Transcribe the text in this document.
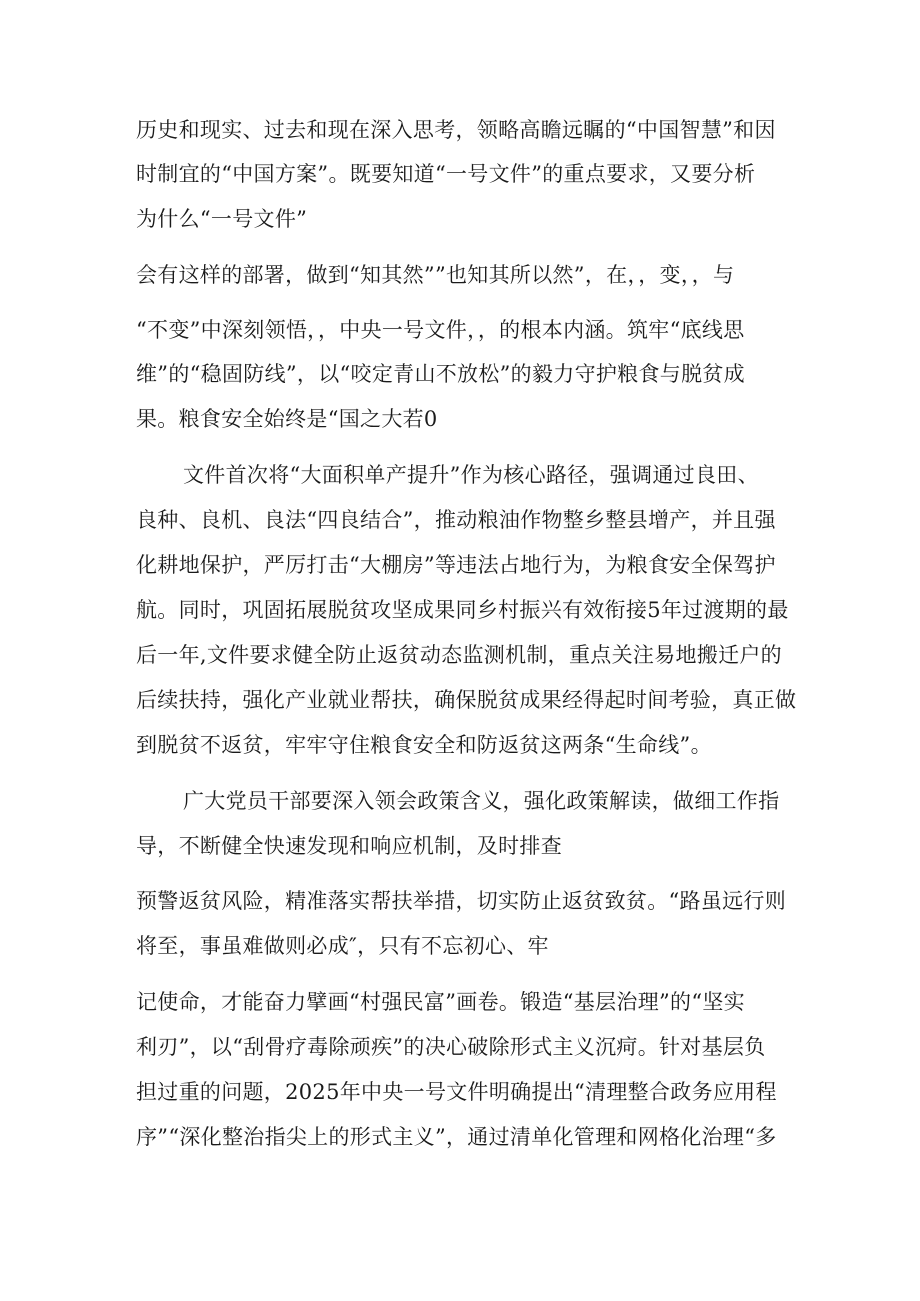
历史和现实、过去和现在深入思考，领略高瞻远瞩的“中国智慧”和因
时制宜的“中国方案”。既要知道“一号文件”的重点要求，又要分析
为什么“一号文件”
会有这样的部署，做到“知其然””也知其所以然”，在，，变，，与
“不变”中深刻领悟，，中央一号文件，，的根本内涵。筑牢“底线思
维”的“稳固防线”，以“咬定青山不放松”的毅力守护粮食与脱贫成
果。粮食安全始终是“国之大若0
文件首次将“大面积单产提升”作为核心路径，强调通过良田、
良种、良机、良法“四良结合”，推动粮油作物整乡整县增产，并且强
化耕地保护，严厉打击“大棚房”等违法占地行为，为粮食安全保驾护
航。同时，巩固拓展脱贫攻坚成果同乡村振兴有效衔接5年过渡期的最
后一年,文件要求健全防止返贫动态监测机制，重点关注易地搬迁户的
后续扶持，强化产业就业帮扶，确保脱贫成果经得起时间考验，真正做
到脱贫不返贫，牢牢守住粮食安全和防返贫这两条“生命线”。
广大党员干部要深入领会政策含义，强化政策解读，做细工作指
导，不断健全快速发现和响应机制，及时排查
预警返贫风险，精准落实帮扶举措，切实防止返贫致贫。“路虽远行则
将至，事虽难做则必成″，只有不忘初心、牢
记使命，才能奋力擘画“村强民富”画卷。锻造“基层治理”的“坚实
利刃”，以“刮骨疗毒除顽疾”的决心破除形式主义沉疴。针对基层负
担过重的问题，2025年中央一号文件明确提出“清理整合政务应用程
序”“深化整治指尖上的形式主义”，通过清单化管理和网格化治理“多
